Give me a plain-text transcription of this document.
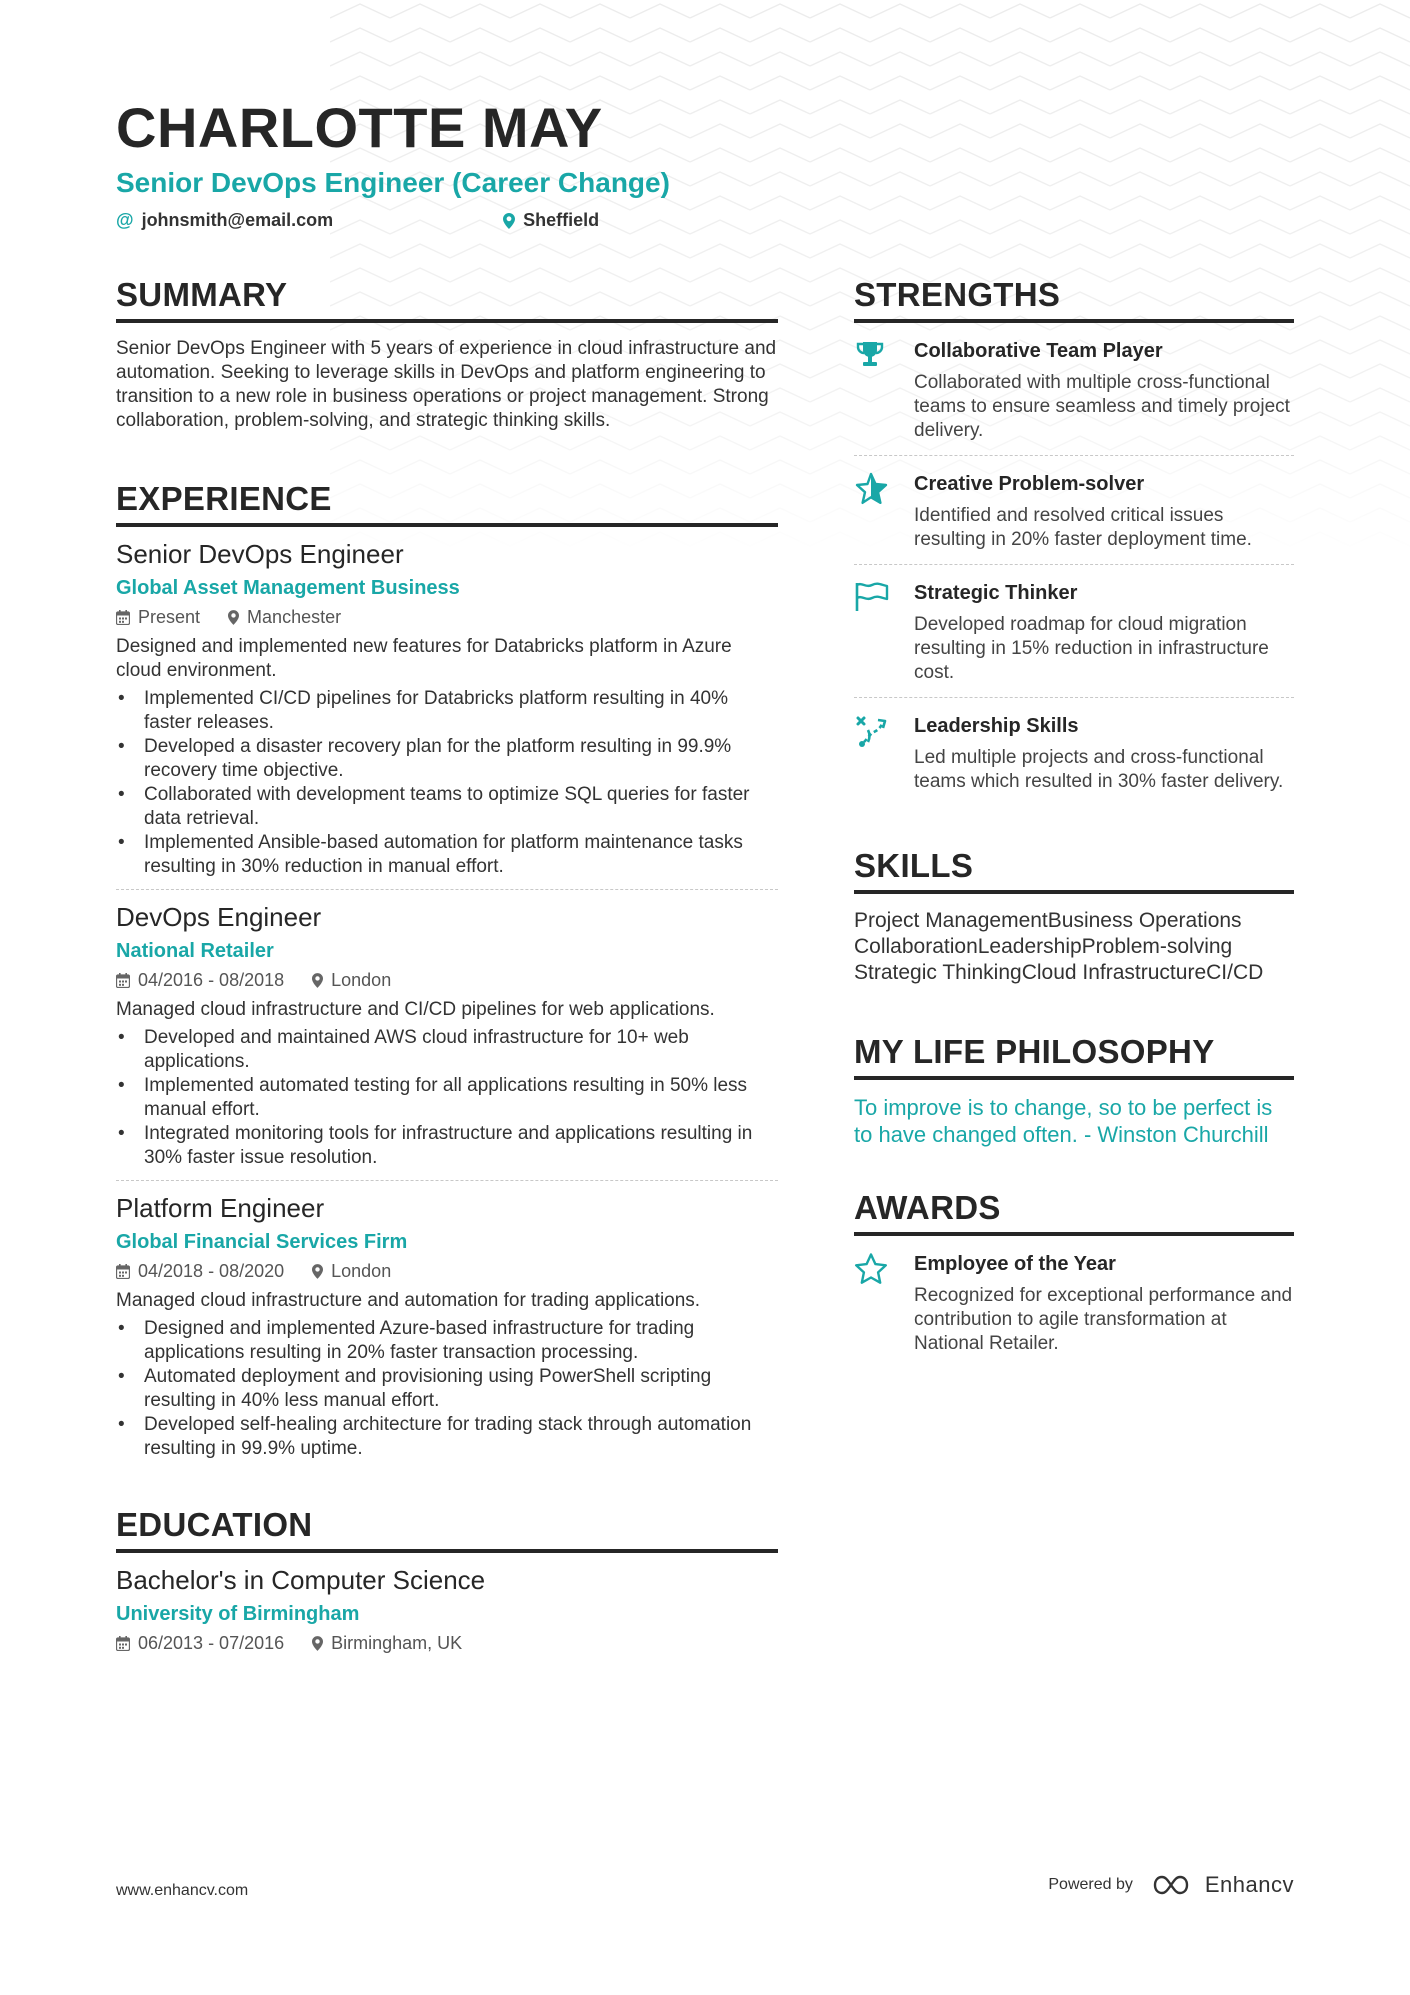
CHARLOTTE MAY
Senior DevOps Engineer (Career Change)
@ johnsmith@email.com	Sheffield
SUMMARY
Senior DevOps Engineer with 5 years of experience in cloud infrastructure and automation. Seeking to leverage skills in DevOps and platform engineering to transition to a new role in business operations or project management. Strong collaboration, problem-solving, and strategic thinking skills.
EXPERIENCE
Senior DevOps Engineer
Global Asset Management Business
Present	Manchester
Designed and implemented new features for Databricks platform in Azure cloud environment.
• Implemented CI/CD pipelines for Databricks platform resulting in 40% faster releases.
• Developed a disaster recovery plan for the platform resulting in 99.9% recovery time objective.
• Collaborated with development teams to optimize SQL queries for faster data retrieval.
• Implemented Ansible-based automation for platform maintenance tasks resulting in 30% reduction in manual effort.
DevOps Engineer
National Retailer
04/2016 - 08/2018	London
Managed cloud infrastructure and CI/CD pipelines for web applications.
• Developed and maintained AWS cloud infrastructure for 10+ web applications.
• Implemented automated testing for all applications resulting in 50% less manual effort.
• Integrated monitoring tools for infrastructure and applications resulting in 30% faster issue resolution.
Platform Engineer
Global Financial Services Firm
04/2018 - 08/2020	London
Managed cloud infrastructure and automation for trading applications.
• Designed and implemented Azure-based infrastructure for trading applications resulting in 20% faster transaction processing.
• Automated deployment and provisioning using PowerShell scripting resulting in 40% less manual effort.
• Developed self-healing architecture for trading stack through automation resulting in 99.9% uptime.
EDUCATION
Bachelor's in Computer Science
University of Birmingham
06/2013 - 07/2016	Birmingham, UK
STRENGTHS
Collaborative Team Player
Collaborated with multiple cross-functional teams to ensure seamless and timely project delivery.
Creative Problem-solver
Identified and resolved critical issues resulting in 20% faster deployment time.
Strategic Thinker
Developed roadmap for cloud migration resulting in 15% reduction in infrastructure cost.
Leadership Skills
Led multiple projects and cross-functional teams which resulted in 30% faster delivery.
SKILLS
Project ManagementBusiness Operations
CollaborationLeadershipProblem-solving
Strategic ThinkingCloud InfrastructureCI/CD
MY LIFE PHILOSOPHY
To improve is to change, so to be perfect is to have changed often. - Winston Churchill
AWARDS
Employee of the Year
Recognized for exceptional performance and contribution to agile transformation at National Retailer.
www.enhancv.com	Powered by	Enhancv
